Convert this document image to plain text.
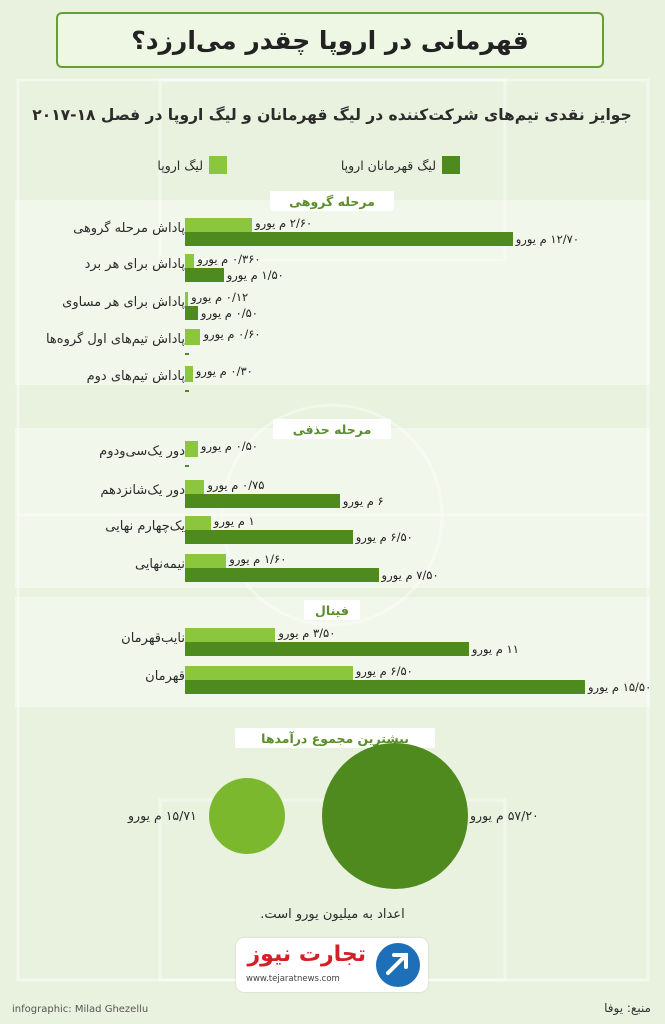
قهرمانی در اروپا چقدر می‌ارزد؟
جوایز نقدی تیم‌های شرکت‌کننده در لیگ قهرمانان و لیگ اروپا در فصل ۱۸-۲۰۱۷
لیگ قهرمانان اروپا
لیگ اروپا
مرحله گروهی
پاداش مرحله گروهی	۲/۶۰ م یورو
۱۲/۷۰ م یورو
پاداش برای هر برد ۰/۳۶۰ م یورو
۱/۵۰ م یورو
پاداش برای هر مساوی ۰/۱۲ م یورو
۰/۵۰ م یورو
پاداش تیم‌های اول گروه‌ها ۰/۶۰ م یورو
پاداش تیم‌های دوم ۰/۳۰ م یورو
مرحله حذفی
دور یک‌سی‌ودوم ۰/۵۰ م یورو
دور یک‌شانزدهم ۰/۷۵ م یورو
۶ م یورو
یک‌چهارم نهایی	۱ م یورو
۶/۵۰ م یورو
نیمه‌نهایی	۱/۶۰ م یورو
۷/۵۰ م یورو
فینال
نایب‌قهرمان	۳/۵۰ م یورو
۱۱ م یورو
قهرمان	۶/۵۰ م یورو
۱۵/۵۰ م یورو
بیشترین مجموع درآمدها
۵۷/۲۰ م یورو
۱۵/۷۱ م یورو
اعداد به میلیون یورو است.
تجارت نیوز
www.tejaratnews.com
infographic: Milad Ghezellu	منبع: یوفا
